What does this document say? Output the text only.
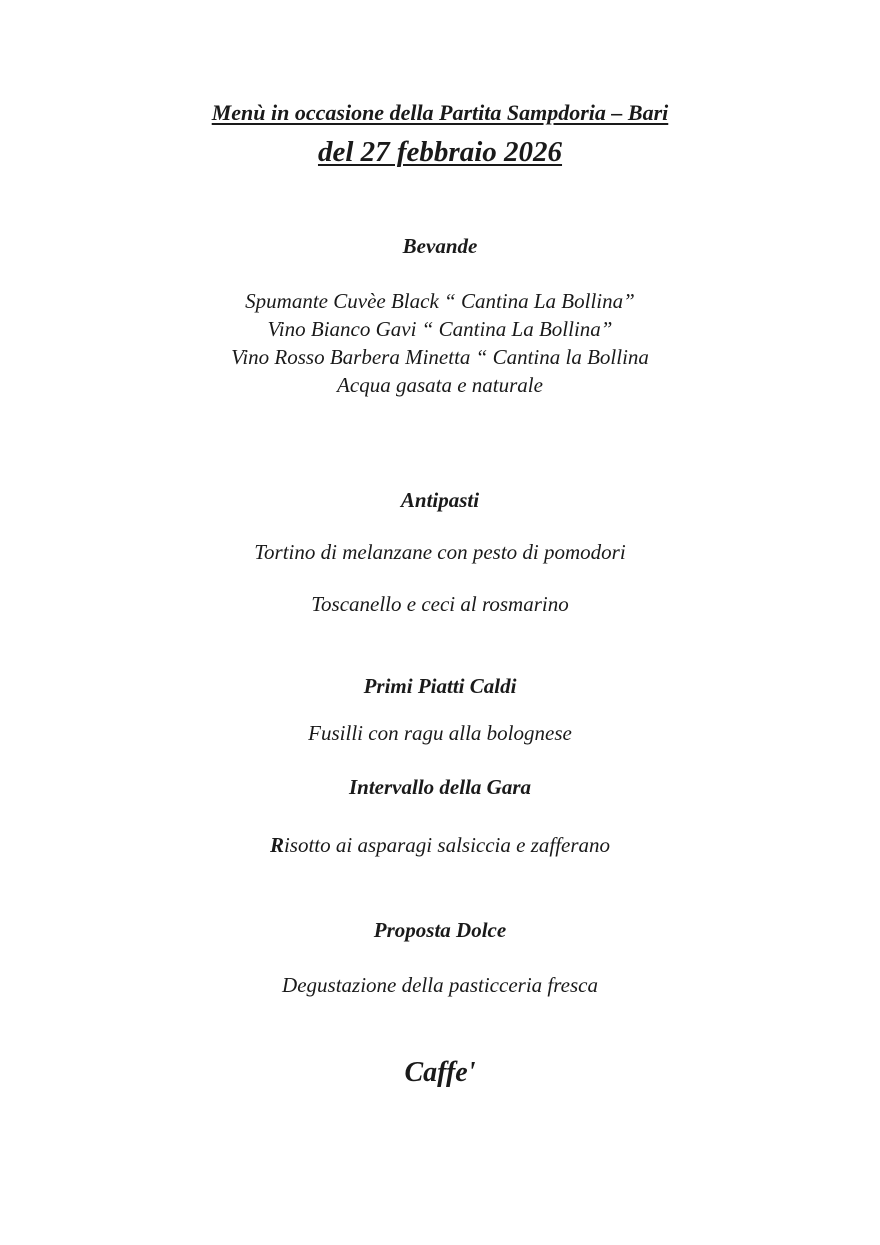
Menù in occasione della Partita Sampdoria – Bari
del 27 febbraio 2026
Bevande
Spumante Cuvèe Black “ Cantina La Bollina”
Vino Bianco Gavi “ Cantina La Bollina”
Vino Rosso Barbera Minetta “ Cantina la Bollina
Acqua gasata e naturale
Antipasti
Tortino di melanzane con pesto di pomodori
Toscanello e ceci al rosmarino
Primi Piatti Caldi
Fusilli con ragu alla bolognese
Intervallo della Gara
Risotto ai asparagi salsiccia e zafferano
Proposta Dolce
Degustazione della pasticceria fresca
Caffe'
